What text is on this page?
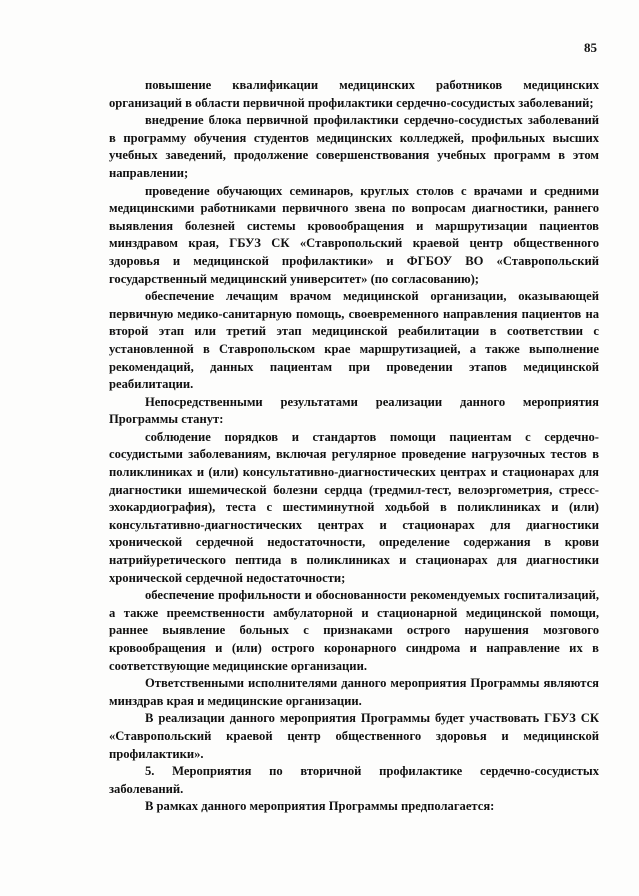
85

повышение квалификации медицинских работников медицинских организаций в области первичной профилактики сердечно-сосудистых заболеваний;

внедрение блока первичной профилактики сердечно-сосудистых заболеваний в программу обучения студентов медицинских колледжей, профильных высших учебных заведений, продолжение совершенствования учебных программ в этом направлении;

проведение обучающих семинаров, круглых столов с врачами и средними медицинскими работниками первичного звена по вопросам диагностики, раннего выявления болезней системы кровообращения и маршрутизации пациентов минздравом края, ГБУЗ СК «Ставропольский краевой центр общественного здоровья и медицинской профилактики» и ФГБОУ ВО «Ставропольский государственный медицинский университет» (по согласованию);

обеспечение лечащим врачом медицинской организации, оказывающей первичную медико-санитарную помощь, своевременного направления пациентов на второй этап или третий этап медицинской реабилитации в соответствии с установленной в Ставропольском крае маршрутизацией, а также выполнение рекомендаций, данных пациентам при проведении этапов медицинской реабилитации.

Непосредственными результатами реализации данного мероприятия Программы станут:

соблюдение порядков и стандартов помощи пациентам с сердечно-сосудистыми заболеваниям, включая регулярное проведение нагрузочных тестов в поликлиниках и (или) консультативно-диагностических центрах и стационарах для диагностики ишемической болезни сердца (тредмил-тест, велоэргометрия, стресс-эхокардиография), теста с шестиминутной ходьбой в поликлиниках и (или) консультативно-диагностических центрах и стационарах для диагностики хронической сердечной недостаточности, определение содержания в крови натрийуретического пептида в поликлиниках и стационарах для диагностики хронической сердечной недостаточности;

обеспечение профильности и обоснованности рекомендуемых госпитализаций, а также преемственности амбулаторной и стационарной медицинской помощи, раннее выявление больных с признаками острого нарушения мозгового кровообращения и (или) острого коронарного синдрома и направление их в соответствующие медицинские организации.

Ответственными исполнителями данного мероприятия Программы являются минздрав края и медицинские организации.

В реализации данного мероприятия Программы будет участвовать ГБУЗ СК «Ставропольский краевой центр общественного здоровья и медицинской профилактики».

5. Мероприятия по вторичной профилактике сердечно-сосудистых заболеваний.

В рамках данного мероприятия Программы предполагается:
